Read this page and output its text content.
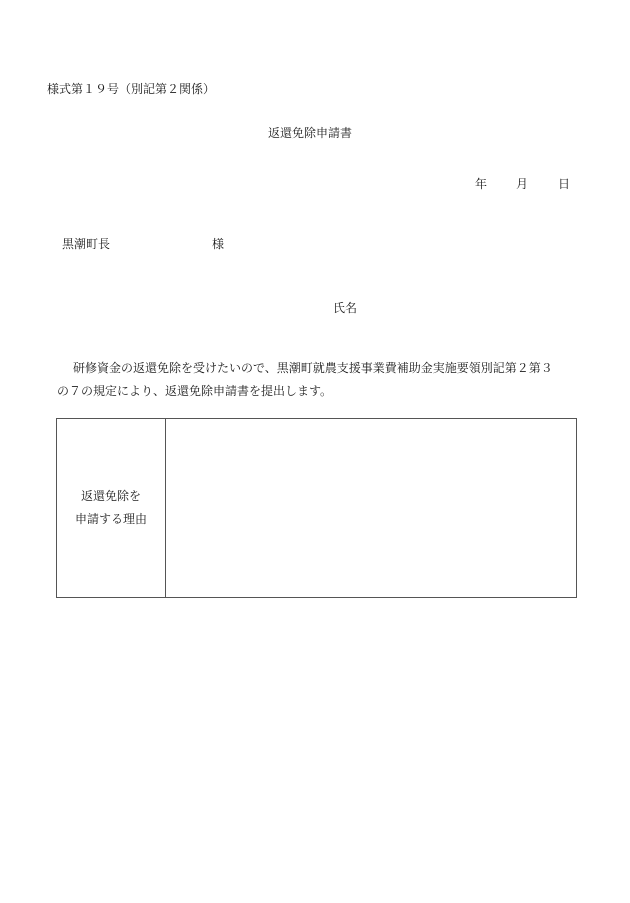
様式第１９号（別記第２関係）
返還免除申請書
年 月 日
黒潮町長	様
氏名
研修資金の返還免除を受けたいので、黒潮町就農支援事業費補助金実施要領別記第２第３
の７の規定により、返還免除申請書を提出します。
返還免除を
申請する理由
